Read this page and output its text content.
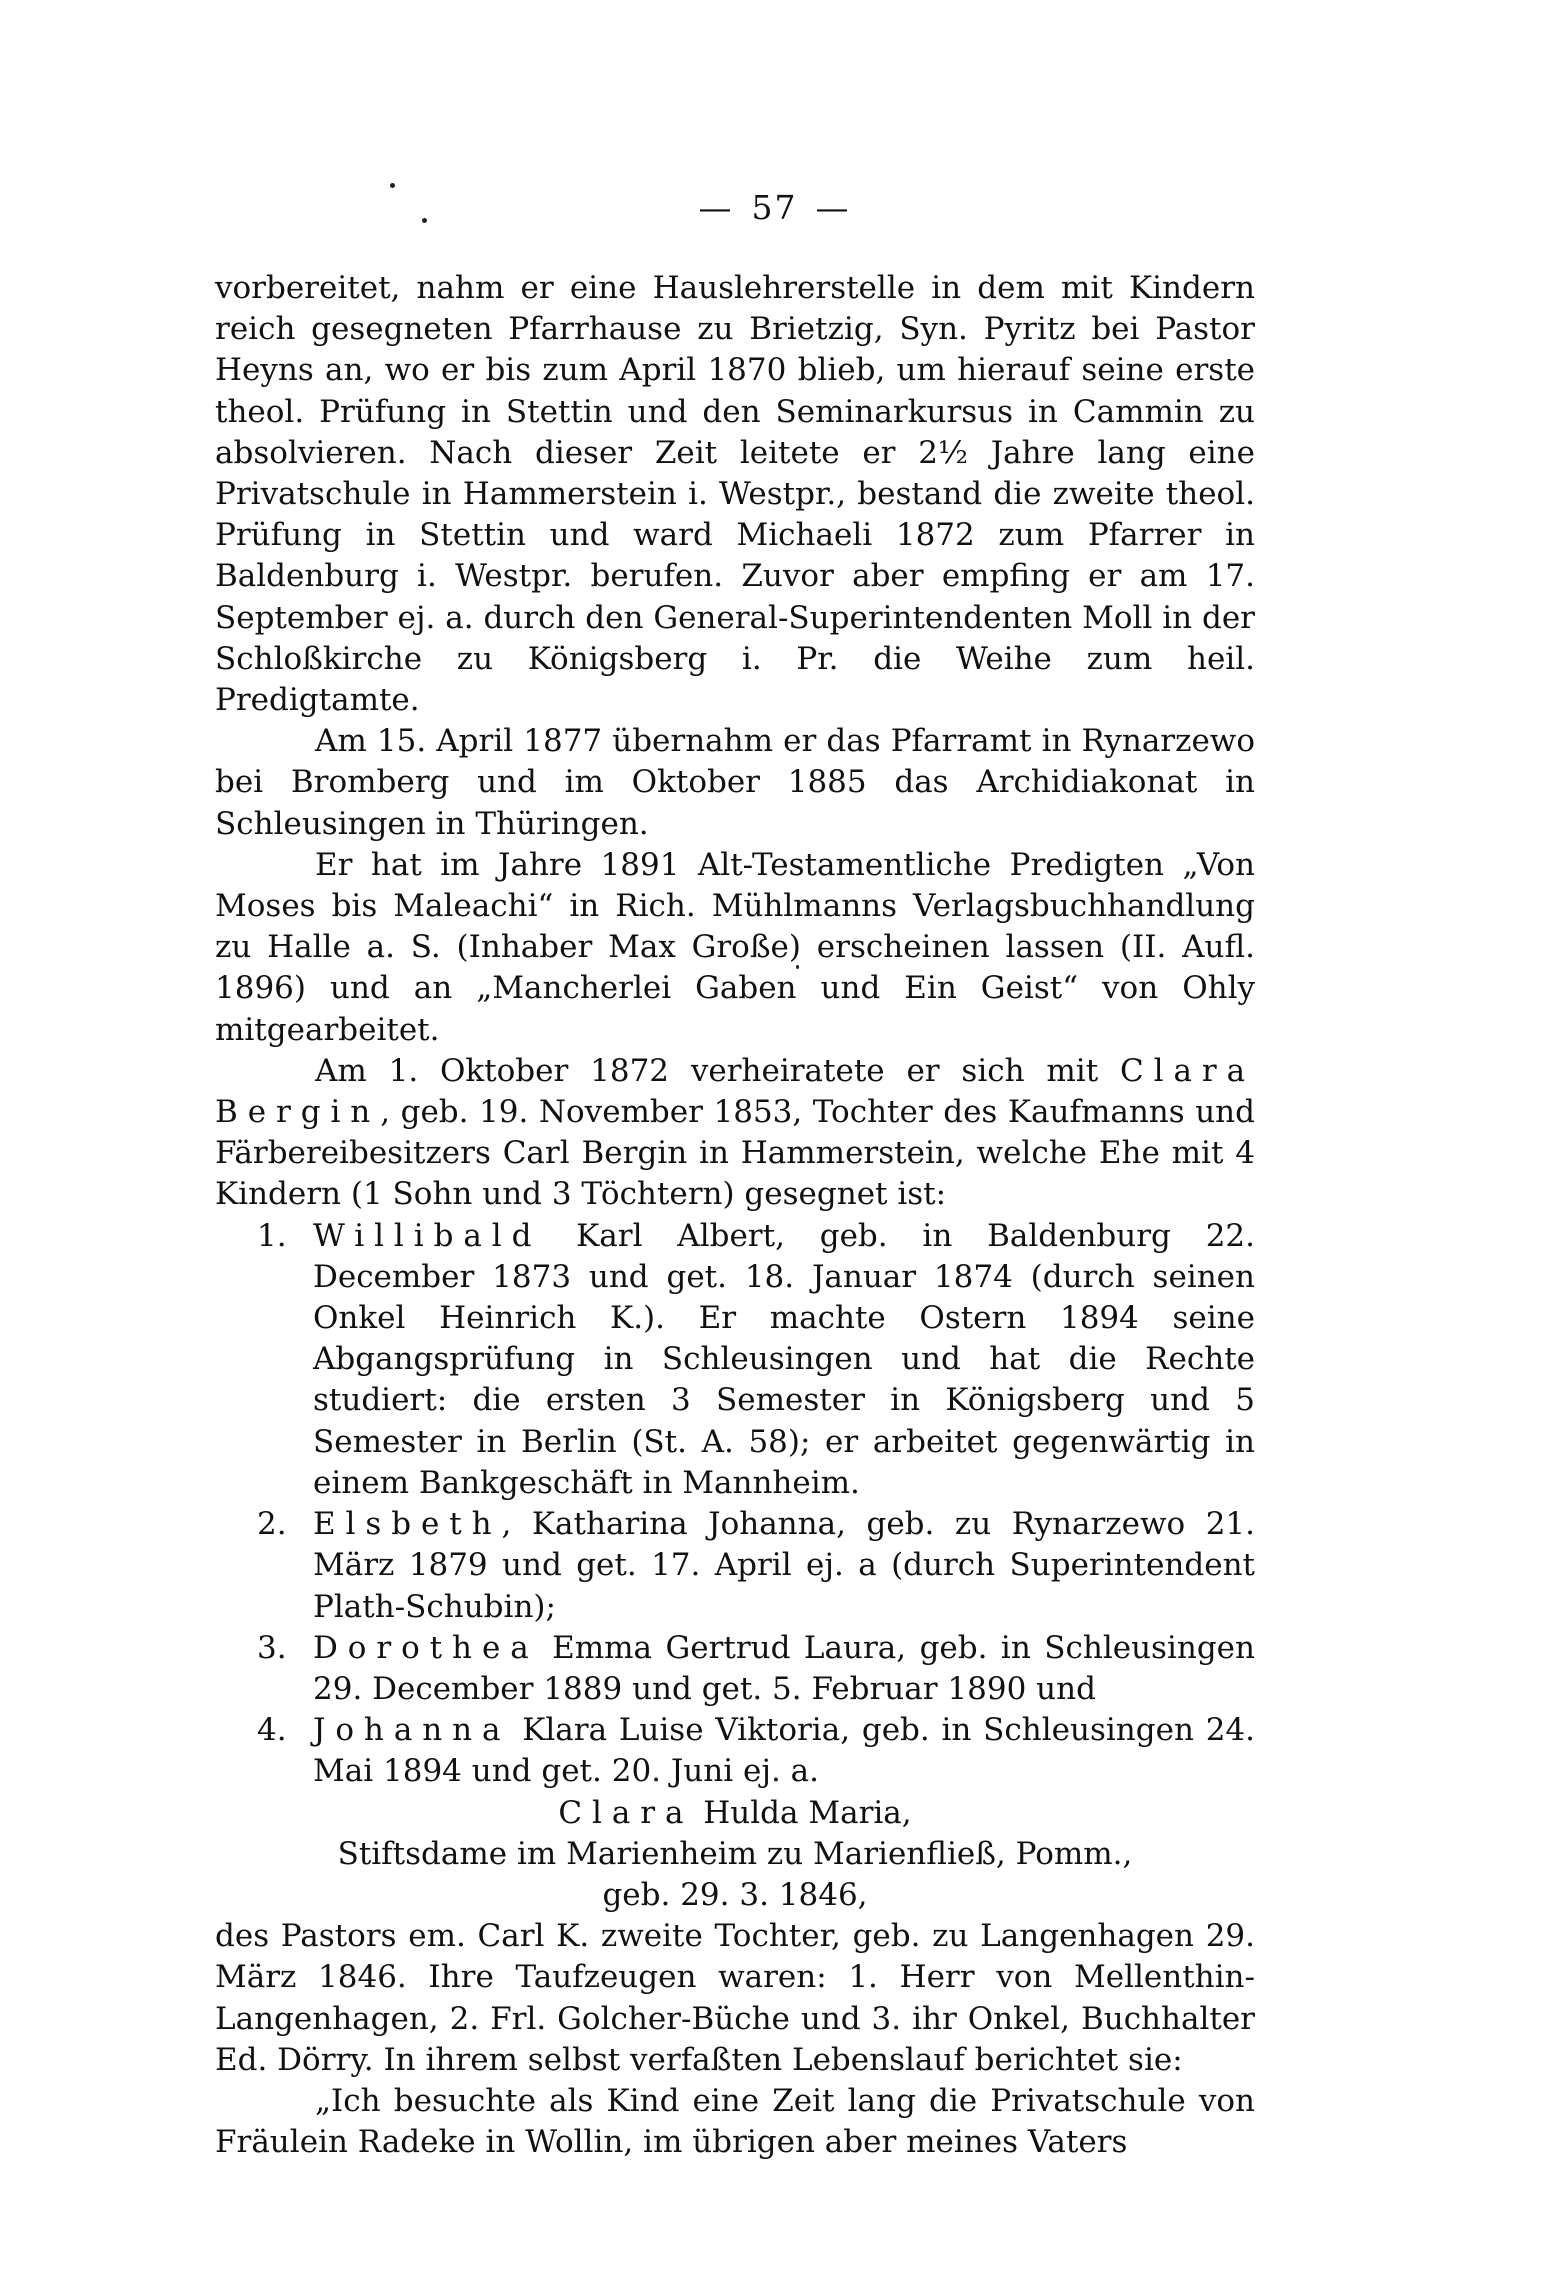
— 57 —

vorbereitet, nahm er eine Hauslehrerstelle in dem mit Kindern reich gesegneten Pfarrhause zu Brietzig, Syn. Pyritz bei Pastor Heyns an, wo er bis zum April 1870 blieb, um hierauf seine erste theol. Prüfung in Stettin und den Seminarkursus in Cammin zu absolvieren. Nach dieser Zeit leitete er 2½ Jahre lang eine Privatschule in Hammerstein i. Westpr., bestand die zweite theol. Prüfung in Stettin und ward Michaeli 1872 zum Pfarrer in Baldenburg i. Westpr. berufen. Zuvor aber empfing er am 17. September ej. a. durch den General-Superintendenten Moll in der Schloßkirche zu Königsberg i. Pr. die Weihe zum heil. Predigtamte.

Am 15. April 1877 übernahm er das Pfarramt in Rynarzewo bei Bromberg und im Oktober 1885 das Archidiakonat in Schleusingen in Thüringen.

Er hat im Jahre 1891 Alt-Testamentliche Predigten „Von Moses bis Maleachi“ in Rich. Mühlmanns Verlagsbuchhandlung zu Halle a. S. (Inhaber Max Große) erscheinen lassen (II. Aufl. 1896) und an „Mancherlei Gaben und Ein Geist“ von Ohly mitgearbeitet.

Am 1. Oktober 1872 verheiratete er sich mit Clara Bergin, geb. 19. November 1853, Tochter des Kaufmanns und Färbereibesitzers Carl Bergin in Hammerstein, welche Ehe mit 4 Kindern (1 Sohn und 3 Töchtern) gesegnet ist:

1. Willibald Karl Albert, geb. in Baldenburg 22. December 1873 und get. 18. Januar 1874 (durch seinen Onkel Heinrich K.). Er machte Ostern 1894 seine Abgangsprüfung in Schleusingen und hat die Rechte studiert: die ersten 3 Semester in Königsberg und 5 Semester in Berlin (St. A. 58); er arbeitet gegenwärtig in einem Bankgeschäft in Mannheim.
2. Elsbeth, Katharina Johanna, geb. zu Rynarzewo 21. März 1879 und get. 17. April ej. a (durch Superintendent Plath-Schubin);
3. Dorothea Emma Gertrud Laura, geb. in Schleusingen 29. December 1889 und get. 5. Februar 1890 und
4. Johanna Klara Luise Viktoria, geb. in Schleusingen 24. Mai 1894 und get. 20. Juni ej. a.

Clara Hulda Maria,

Stiftsdame im Marienheim zu Marienfließ, Pomm.,

geb. 29. 3. 1846,

des Pastors em. Carl K. zweite Tochter, geb. zu Langenhagen 29. März 1846. Ihre Taufzeugen waren: 1. Herr von Mellenthin-Langenhagen, 2. Frl. Golcher-Büche und 3. ihr Onkel, Buchhalter Ed. Dörry. In ihrem selbst verfaßten Lebenslauf berichtet sie:

„Ich besuchte als Kind eine Zeit lang die Privatschule von Fräulein Radeke in Wollin, im übrigen aber meines Vaters
